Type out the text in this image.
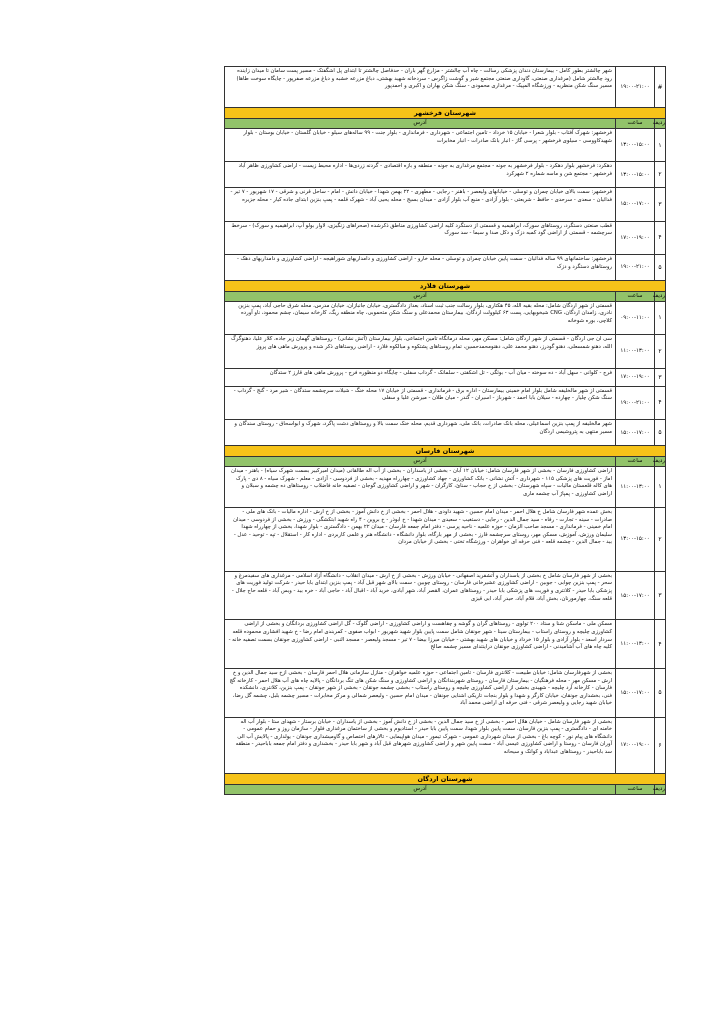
#
۱۹:۰۰-۲۱:۰۰
شهر چالشتر بطور کامل - بیمارستان دندان پزشکی رسالت - چاه آب چالشتر - مزارع گهر باران - حدفاصل چالشتر تا ابتدای پل اشگفتک - مسیر پست سامان تا میدان زاینده رود چالشتر شامل (مرغداری صنعتی، گاوداری صنعتی مجتمع شیر و گوشت زاگرس - سردخانه شهید بهشتی، دباغ مزرعه خشبه و دباغ مزرعه صفرپور - چایگاه سوخت طاها) مسیر سنگ شکن منظریه - ورزشگاه المپیک - مرغداری محمودی - سنگ شکن بهاران و اکبری و احمدپور
شهرستان فرخشهر
ردیف
ساعت
آدرس
۱
۱۳:۰۰-۱۵:۰۰
فرخشهر: شهرک آفتاب - بلوار شعرا - خیابان ۱۵ خرداد - تامین اجتماعی - شهرداری - فرمانداری - بلوار جنت - ۹۹ ساله‌های سیلو - خیابان گلستان - خیابان بوستان - بلوار شهیدکاووسی - سیلوی فرخشهر - پرسی گاز - انبار بانک صادرات - انبار مخابرات
۲
۱۳:۰۰-۱۵:۰۰
دهکرد: فرخشهر بلوار دهکرد - بلوار فرخشهر به جونه - مجتمع مرغداری به جونه - منطقه و بازه اقتصادی - گردنه زردی‌ها - اداره محیط زیست - اراضی کشاورزی ظاهر آباد فرخشهر - مجتمع شن و ماسه شماره ۲ شهرکرد
۳
۱۵:۰۰-۱۷:۰۰
فرخشهر: سمت بالای خیابان چمران و توسلی - خیابانهای ولیعصر - باهنر - رجایی - مطهری - ۲۲ بهمن شهدا - خیابان دانش - امام - ساحل قرنی و شرقی - ۱۷ شهریور - ۷ تیر - فدائیان - سعدی - سرحدی - حافظ - شریعتی - بلوار آزادی - منبع آب بلوار آزادی - میدان بسیج - محله یحیی آباد - شهرک قلمه - پمپ بنزین ابتدای جاده کیار - محله جزیره
۴
۱۷:۰۰-۱۹:۰۰
قطب صنعتی دستگرد، روستاهای سورک، ابراهیمیه و قسمتی از دستگرد کلیه اراضی کشاورزی مناطق ذکرشده (صحراهای زنگیزی، لاوار بولو آپ، ابراهیمیه و سورک) - سرخط سرچشمه - قسمتی از اراضی گود کمبه دزک و دکل صدا و سیما - سد سورک
۵
۱۹:۰۰-۲۱:۰۰
فرخشهر: ساختمانهای ۹۹ ساله فدائیان - سمت پایین خیابان چمران و توسلی - محله خارو - اراضی کشاورزی و دامداریهای شوراهیجه - اراضی کشاورزی و دامداریهای دهک - روستاهای دستگرد و دزک
شهرستان فلارد
ردیف
ساعت
آدرس
۱
۰۹:۰۰-۱۱:۰۰
قسمتی از شهر اردگان شامل: محله بقیه الله، ۴۵ هکتاری، بلوار رسالت جنب ثبت اسناد، بعداز دادگستری، خیابان جانبازان، خیابان مدرس، محله شرق حاجی آباد، پمپ بنزین نادری، زامدان اردگان، CNG شیخوبهایی، پست ۶۳ کیلوولت اردگان، بیمارستان محمدعلی و سنگ شکن متحموبی، چاه منطقه ریگ، کارخانه سیمان، چشم محمود، ناو آورده کلاچی، بوره شوخانه
۲
۱۱:۰۰-۱۳:۰۰
سی ان جی اردگان - قسمتی از شهر اردگان شامل: مسکن مهر، محله درمانگاه تامین اجتماعی، بلوار بیمارستان (آتش نشانی) - روستاهای گهمان زیر جاده، کلار علیا، دهنوگرگ الله، دهنو شمسعلی، دهنو گودرز، دهنو محمد علی، دهنومحمدحسین، تمام روستاهای پشتکوه و مبالکوه فلارد - اراضی روستاهای ذکر شده و پرورش ماهی های پروز
۳
۱۷:۰۰-۱۹:۰۰
فرج - کلوانی - سهل آباد - ده سوخته - میان آب - بوئگی - تل اشکفتی - سلمانک - گرداب سفلی - چایگاه دو منظوره فرج - پرورش ماهی های قارز ۲ ستدگان
۴
۱۹:۰۰-۲۱:۰۰
قسمتی از شهر مالخلیفه شامل بلوار امام خمینی بیمارستان - اداره برق - فرمانداری - قسمتی از خیابان ۱۷ محله خنگ - شیلات سرچشمه ستدگان - شیر مرد - گنج - گرداب - سنگ شکن چلیار - چهارده - سیلان بابا احمد - شهرباز - اسیران - گندر - میان طلان - میرشن علیا و سفلی
۵
۱۵:۰۰-۱۷:۰۰
شهر مالخلیفه از پمپ بنزین اسماعیلی، محله بانک صادرات، بانک ملی، شهرداری قدیم، محله خنک سمت بالا و روستاهای دشت پاگرد، شهرک و ابواسحاق - روستای سندگان و مسیر منتهی به پتروشیمی اردگان
شهرستان فارسان
ردیف
ساعت
آدرس
۱
۱۱:۰۰-۱۳:۰۰
اراضی کشاورزی فارسان - بخشی از شهر فارسان شامل: خیابان ۱۲ آبان - بخشی از یاسداران - بخشی از آب اله طالقانی (میدان امیرکبیر بسمت شهرک سیاه) - باهنر - میدان اماز - فوریت های پزشکی ۱۱۵ - شهرداری - آتش نشانی - بانک کشاورزی - جهاد کشاورزی - چهارراه مهدیه - بخشی از فردوسی - آزادی - معلم - شهرک سیاه - ۸ دی - پارک های کاله قلعستان مالیات - سپاه شهرستان - بخشی از خ حجاب - سنائ، کارگران - شهر و اراضی کشاورزی گوجان - تصفیه خانه فاضلاب - روستاهای ده چشمه و سبلان و اراضی کشاورزی - پمپاژ آب چشمه ماری
۲
۱۳:۰۰-۱۵:۰۰
بخش عمده شهر فارسان شامل خ هلال احمر - میدان امام حسین - شهید داودی - هلال احمر - بخشی از خ دانش آموز - بخشی از خ ارش - اداره مالیات - بانک های ملی - صادرات - سینه - تجارت - رفاه - سید جمال الدین - رجایی - دستغیب - سعیدی - میدان شهدا - خ ابوذر - خ بروین - ۴ راه شهید ابتکشگی - ورزش - بخشی از فردوسی - میدان امام خمینی - فرمانداری - مسجد صاحب الزمان - حوزه علمیه - ناحیه پرسی - دفتر امام جمعه فارسان - میدان ۲۲ بهمن - دادگستری - بلوار شهدا، بخشی از چهارراه شهدا سلیمان ورزش، آموزش، مسکن مهر، روستای سرچشمه قارز - بخشی از مهر بارگاه، بلوار دانشگاه - دانشگاه هنر و علمی کاربردی - اداره کار - استقلال - تپه - توحید - عدل - بید - جمال الدین - چشمه قلعه - فنی حرفه ای خواهران - ورزشگاه تختی - بخشی از خیابان مردان
۳
۱۵:۰۰-۱۷:۰۰
بخشی از شهر فارسان شامل خ بخشی از یاسداران و آتشفرید اصفهانی - خیابان ورزش - بخشی از خ ارش - میدان انقلاب - دانشگاه آزاد اسلامی - مرغداری های سفیدمرغ و سحر - پمپ بنزین چوابی - جوبین - اراضی کشاورزی عشیرخانی فارسان - روستای چوبین - سمت بالای شهر قبل آباد - پمپ بنزین ابتدای بابا حیدر - شرکت تولید فوریت های پزشکی بابا حیدر - کلانتری و فوریت های پزشکی بابا حیدر - روستاهای عمران، القصر آباد، شهر آبادی، خرید آباد - اقبال آباد - حاجی آباد - خره بید - ویس آباد - قلعه حاج جلال - قلعه سنگ، چهارمورنان، بخش آباد، قلام آباد، حیدر آباد، ابی قیزی
۴
۱۱:۰۰-۱۳:۰۰
مسکن ملی - ماسکن شنا و ستاد ۲۰۰ تولوی - روستاهای گران و گوشه و چقاهست و اراضی کشاورزی - اراضی گلوک - گل اراضی کشاورزی بردانگان و بخشی از اراضی کشاورزی چلیچه و روستای راستاب - بیمارستان سینا - شهر جونقان شامل سمت پایین بلوار شهید شهریور - ابواب صفوی - کمربندی امام رضا - خ شهید افشاری محموده قلعه سردار اسعد - بلوار آزادی و بلوار ۱۵ خرداد و خیابان های شهید بهشتی - خیابان میرزا بیضا - ۷ تیر - مسجد ولیعصر - مسجد النبی - اراضی کشاورزی جونقان بسمت تصفیه خانه - کلیه چاه های آب آشامیدنی - اراضی کشاورزی جونقان دراینتدای مسیر چشمه صالح
۵
۱۵:۰۰-۱۷:۰۰
بخشی از شهرفارسان شامل: خیابان طبیعت - کلانتری فارسان - تامین اجتماعی - حوزه علمیه خواهران - منازل سازمانی هلال احمر فارسان - بخشی ازخ سید جمال الدین و خ ارش - مسکن مهر - محله فرهنگیان - بیمارستان فارسان - روستای شهربندانگان و اراضی کشاورزی و سنگ شکن های تنگ بردانگان - پالایه چاه های آب هلال احمر - کارخانه گچ فارسان - کارخانه آرد چلیچه - شهیدی بخشی از اراضی کشاورزی چلیچه و روستای راستاب - بخشی چشمه جونقان - بخشی از شهر جونقان - پمپ بنزین، کلانتری، دانشکده فنی، بخشداری جونقان، خیابان کارگر و شهدا و بلوار بنجات تاریکی اشنایی جونقان - میدان امام حسین - ولیعصر شمالی و مرکز مخابرات - مسیر چشمه بلبل، چشمه گل رضا، خیابان شهید رجایی و ولیعصر شرقی - فنی حرفه ای اراضی محمد آباد
۶
۱۷:۰۰-۱۹:۰۰
بخشی از شهر فارسان شامل - خیابان هلال احمر - بخشی از خ سید جمال الدین - بخشی از خ دانش آموز - بخشی از یاسداران - خیابان برستار - شهدای ستا - بلوار آب اله خامنه ای - دادگستری - پمپ بنزین فارسان، سمت پایین بلوار شهدا، سمت پایین بابا حیدر - استادیوم و بخشی از ساختمان مرغداری فلوار - سازمان روز و حمام عمومی - دانشگاه های پیام نور - کوچه باغ - بخشی از میدان شهرداری عمومی - شهرک تیمور - میدان هواپیمایی - تالارهای اختصاص و گاومیشداری جونقان - یولداری - پالایش آب الی آوران فارسان - روستا و اراضی کشاورزی عیسی آباد - سمت پایین شهر و اراضی کشاورزی شهرهای قبل آباد و شهر بابا حیدر - بخشداری و دفتر امام جمعه باباحیدر - منطقه سد باباحیدر - روستاهای عبداباد و کوانک و سیحانه
شهرستان اردگان
ردیف
ساعت
آدرس
